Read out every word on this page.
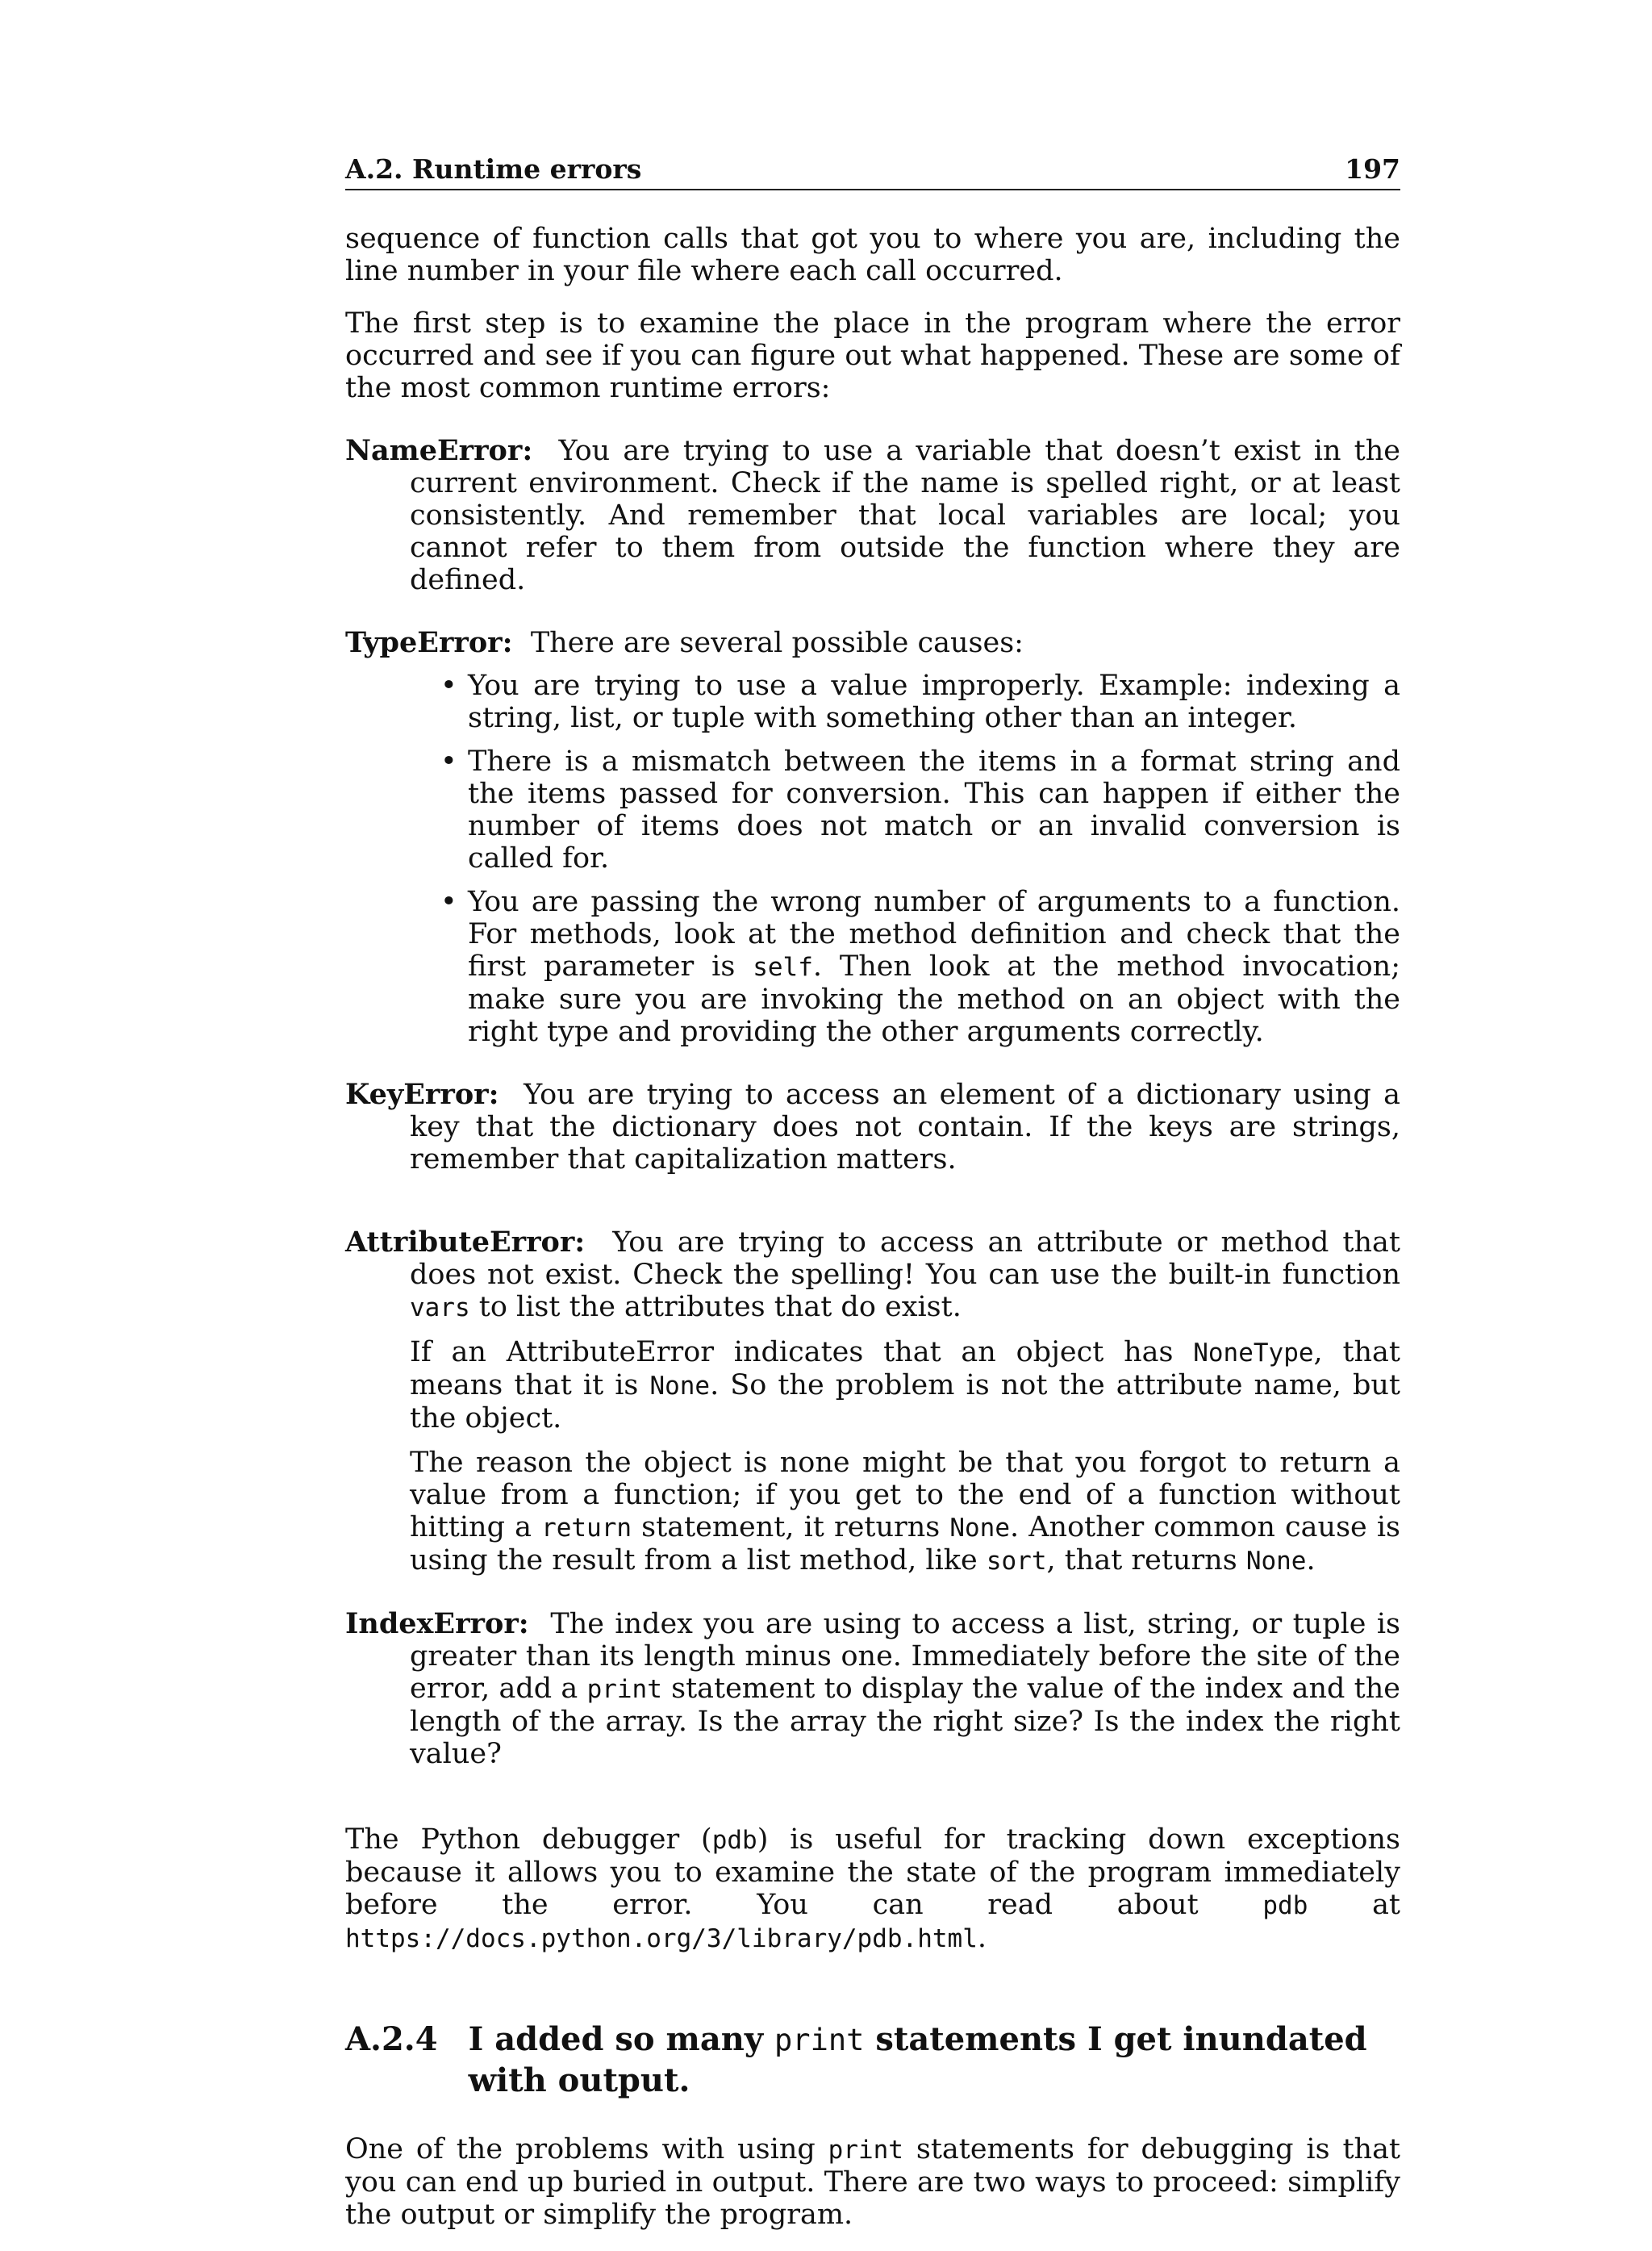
A.2. Runtime errors	197

sequence of function calls that got you to where you are, including the line number in your file where each call occurred.

The first step is to examine the place in the program where the error occurred and see if you can figure out what happened. These are some of the most common runtime errors:

NameError: You are trying to use a variable that doesn’t exist in the current environment. Check if the name is spelled right, or at least consistently. And remember that local variables are local; you cannot refer to them from outside the function where they are defined.

TypeError: There are several possible causes:

• You are trying to use a value improperly. Example: indexing a string, list, or tuple with something other than an integer.
• There is a mismatch between the items in a format string and the items passed for conversion. This can happen if either the number of items does not match or an invalid conversion is called for.
• You are passing the wrong number of arguments to a function. For methods, look at the method definition and check that the first parameter is self. Then look at the method invocation; make sure you are invoking the method on an object with the right type and providing the other arguments correctly.

KeyError: You are trying to access an element of a dictionary using a key that the dictionary does not contain. If the keys are strings, remember that capitalization matters.

AttributeError: You are trying to access an attribute or method that does not exist. Check the spelling! You can use the built-in function vars to list the attributes that do exist.

If an AttributeError indicates that an object has NoneType, that means that it is None. So the problem is not the attribute name, but the object.

The reason the object is none might be that you forgot to return a value from a function; if you get to the end of a function without hitting a return statement, it returns None. Another common cause is using the result from a list method, like sort, that returns None.

IndexError: The index you are using to access a list, string, or tuple is greater than its length minus one. Immediately before the site of the error, add a print statement to display the value of the index and the length of the array. Is the array the right size? Is the index the right value?

The Python debugger (pdb) is useful for tracking down exceptions because it allows you to examine the state of the program immediately before the error. You can read about pdb at https://docs.python.org/3/library/pdb.html.

A.2.4 I added so many print statements I get inundated with output.

One of the problems with using print statements for debugging is that you can end up buried in output. There are two ways to proceed: simplify the output or simplify the program.
